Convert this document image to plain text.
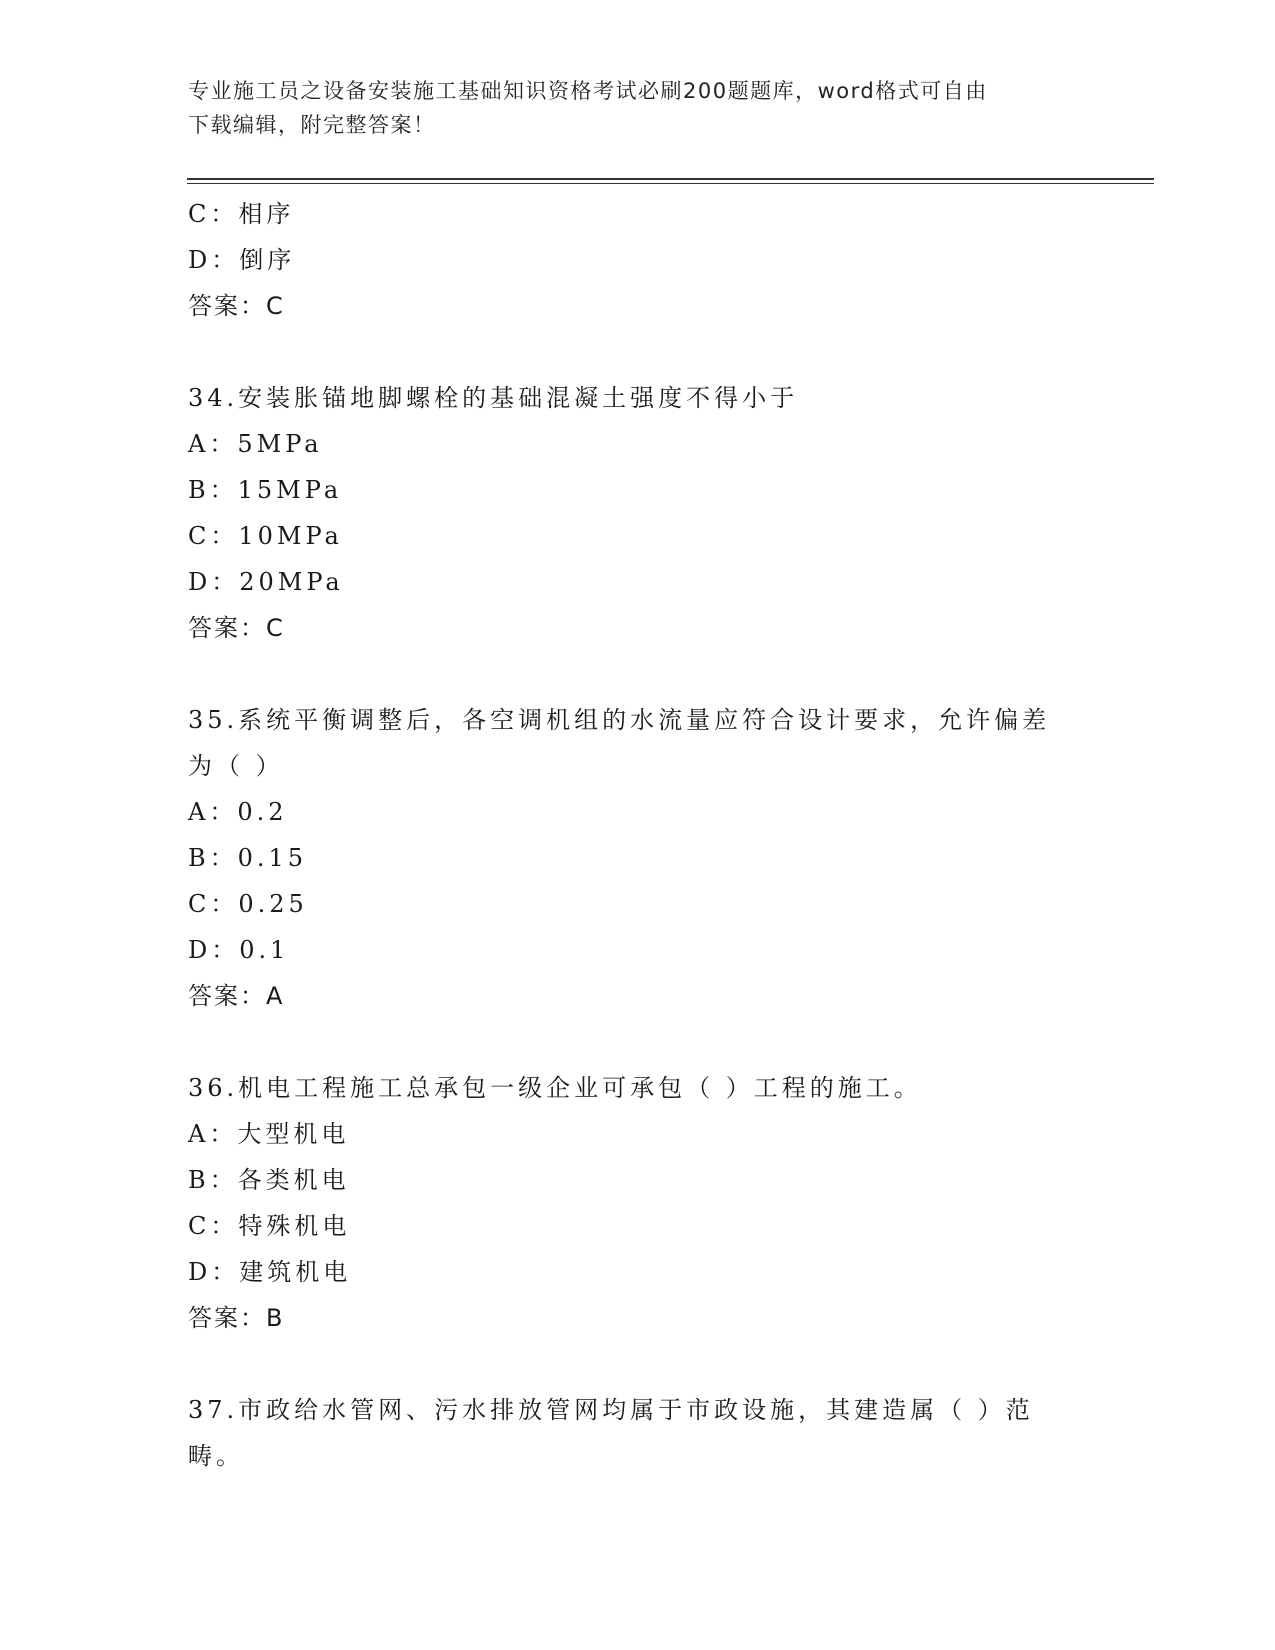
专业施工员之设备安装施工基础知识资格考试必刷200题题库，word格式可自由
下载编辑，附完整答案！
C：相序
D：倒序
答案：C
34.安装胀锚地脚螺栓的基础混凝土强度不得小于
A：5MPa
B：15MPa
C：10MPa
D：20MPa
答案：C
35.系统平衡调整后，各空调机组的水流量应符合设计要求，允许偏差
为（ ）
A：0.2
B：0.15
C：0.25
D：0.1
答案：A
36.机电工程施工总承包一级企业可承包（ ）工程的施工。
A：大型机电
B：各类机电
C：特殊机电
D：建筑机电
答案：B
37.市政给水管网、污水排放管网均属于市政设施，其建造属（ ）范
畴。
